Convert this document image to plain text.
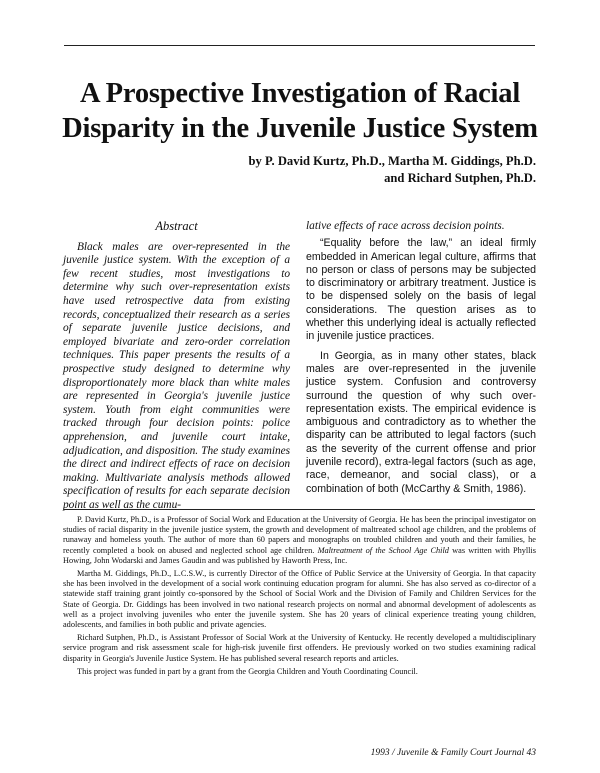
A Prospective Investigation of Racial
Disparity in the Juvenile Justice System
by P. David Kurtz, Ph.D., Martha M. Giddings, Ph.D.
and Richard Sutphen, Ph.D.
Abstract
Black males are over-represented in the juvenile justice system. With the exception of a few recent studies, most investigations to determine why such over-representation exists have used retrospective data from existing records, conceptualized their research as a series of separate juvenile justice decisions, and employed bivariate and zero-order correlation techniques. This paper presents the results of a prospective study designed to determine why disproportionately more black than white males are represented in Georgia's juvenile justice system. Youth from eight communities were tracked through four decision points: police apprehension, and juvenile court intake, adjudication, and disposition. The study examines the direct and indirect effects of race on decision making. Multivariate analysis methods allowed specification of results for each separate decision point as well as the cumu-

lative effects of race across decision points.

“Equality before the law,” an ideal firmly embedded in American legal culture, affirms that no person or class of persons may be subjected to discriminatory or arbitrary treatment. Justice is to be dispensed solely on the basis of legal considerations. The question arises as to whether this underlying ideal is actually reflected in juvenile justice practices.

In Georgia, as in many other states, black males are over-represented in the juvenile justice system. Confusion and controversy surround the question of why such over-representation exists. The empirical evidence is ambiguous and contradictory as to whether the disparity can be attributed to legal factors (such as the severity of the current offense and prior juvenile record), extra-legal factors (such as age, race, demeanor, and social class), or a combination of both (McCarthy & Smith, 1986).

P. David Kurtz, Ph.D., is a Professor of Social Work and Education at the University of Georgia. He has been the principal investigator on studies of racial disparity in the juvenile justice system, the growth and development of maltreated school age children, and the problems of runaway and homeless youth. The author of more than 60 papers and monographs on troubled children and youth and their families, he recently completed a book on abused and neglected school age children. Maltreatment of the School Age Child was written with Phyllis Howing, John Wodarski and James Gaudin and was published by Haworth Press, Inc.

Martha M. Giddings, Ph.D., L.C.S.W., is currently Director of the Office of Public Service at the University of Georgia. In that capacity she has been involved in the development of a social work continuing education program for alumni. She has also served as co-director of a statewide staff training grant jointly co-sponsored by the School of Social Work and the Division of Family and Children Services for the State of Georgia. Dr. Giddings has been involved in two national research projects on normal and abnormal development of adolescents as well as a project involving juveniles who enter the juvenile system. She has 20 years of clinical experience treating young children, adolescents, and families in both public and private agencies.

Richard Sutphen, Ph.D., is Assistant Professor of Social Work at the University of Kentucky. He recently developed a multidisciplinary service program and risk assessment scale for high-risk juvenile first offenders. He previously worked on two studies examining radical disparity in Georgia's Juvenile Justice System. He has published several research reports and articles.

This project was funded in part by a grant from the Georgia Children and Youth Coordinating Council.

1993 / Juvenile & Family Court Journal 43
